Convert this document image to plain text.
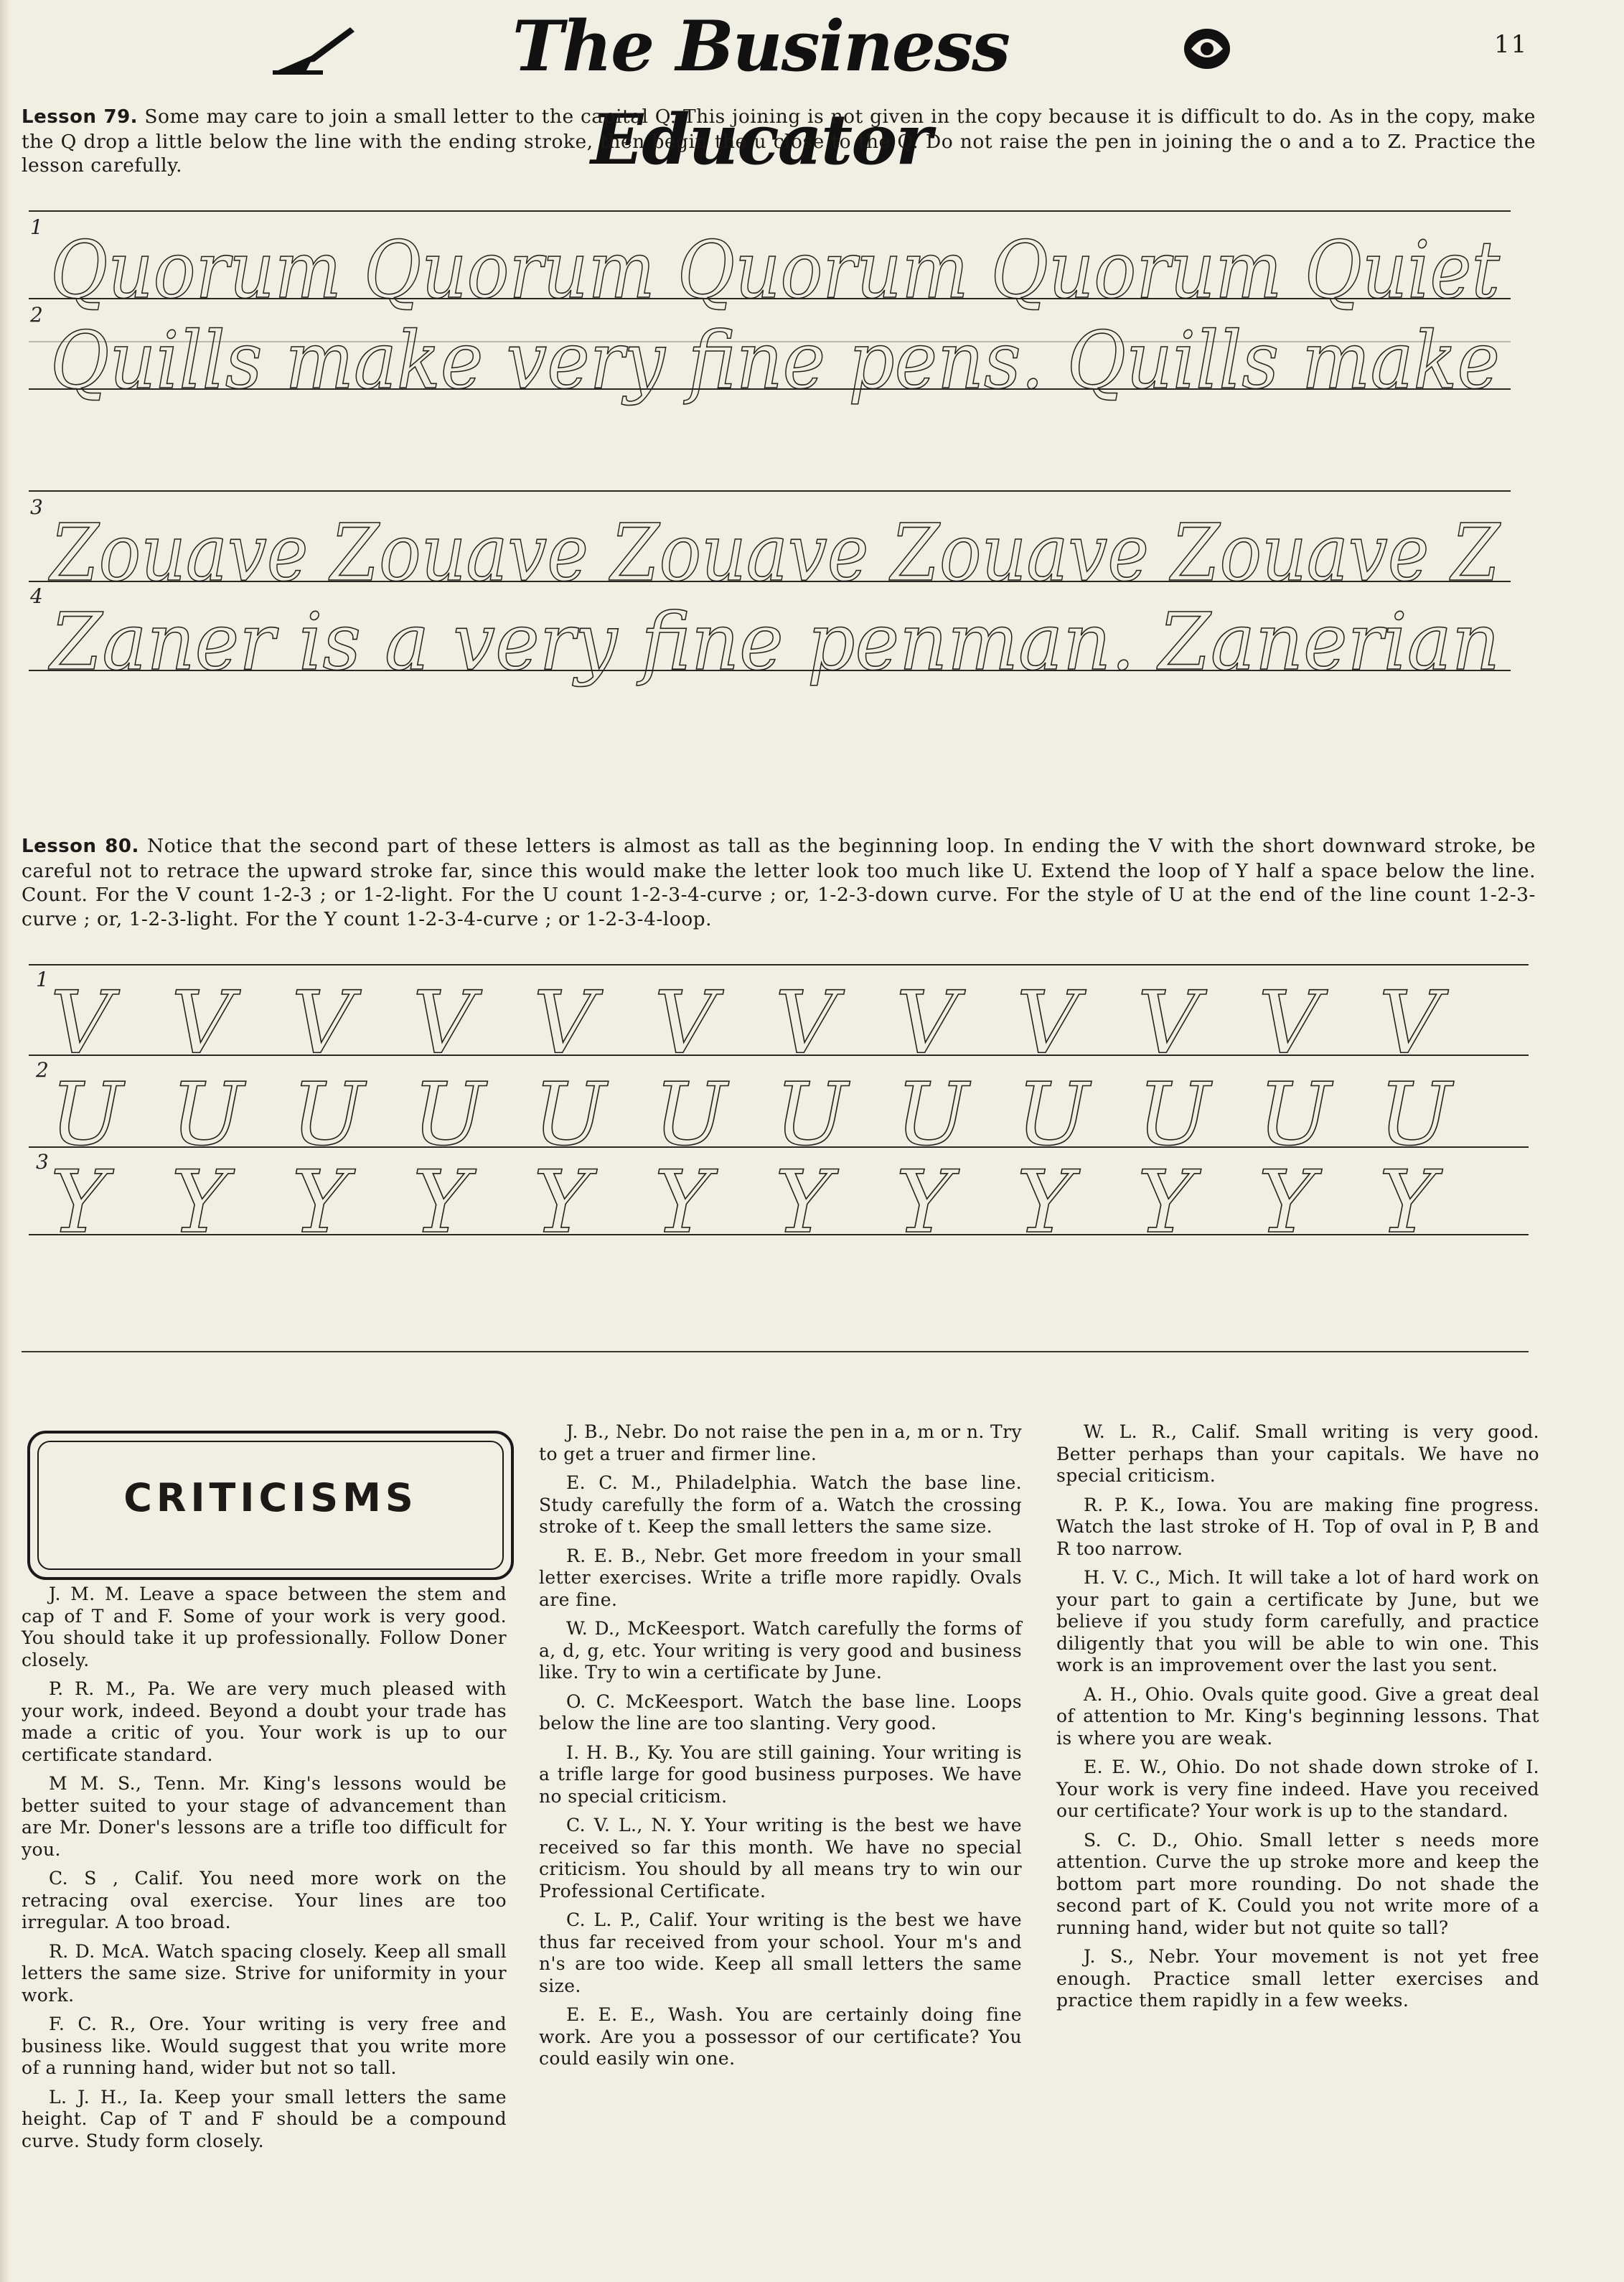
The Business Educator
11
Lesson 79. Some may care to join a small letter to the capital Q. This joining is not given in the copy because it is difficult to do. As in the copy, make the Q drop a little below the line with the ending stroke, then begin the u close to the Q. Do not raise the pen in joining the o and a to Z. Practice the lesson carefully.
1 Quorum Quorum Quorum Quorum Quiet
2 Quills make very fine pens. Quills make
3 Zouave Zouave Zouave Zouave Zouave Z
4 Zaner is a very fine penman. Zanerian
Lesson 80. Notice that the second part of these letters is almost as tall as the beginning loop. In ending the V with the short downward stroke, be careful not to retrace the upward stroke far, since this would make the letter look too much like U. Extend the loop of Y half a space below the line. Count. For the V count 1-2-3 ; or 1-2-light. For the U count 1-2-3-4-curve ; or, 1-2-3-down curve. For the style of U at the end of the line count 1-2-3-curve ; or, 1-2-3-light. For the Y count 1-2-3-4-curve ; or 1-2-3-4-loop.
1
2
3
V V V V V V V V V V V V
U U U U U U U U U U U U
Y Y Y Y Y Y Y Y Y Y Y Y
CRITICISMS

J. M. M. Leave a space between the stem and cap of T and F. Some of your work is very good. You should take it up professionally. Follow Doner closely.

P. R. M., Pa. We are very much pleased with your work, indeed. Beyond a doubt your trade has made a critic of you. Your work is up to our certificate standard.

M M. S., Tenn. Mr. King's lessons would be better suited to your stage of advancement than are Mr. Doner's lessons are a trifle too difficult for you.

C. S , Calif. You need more work on the retracing oval exercise. Your lines are too irregular. A too broad.

R. D. McA. Watch spacing closely. Keep all small letters the same size. Strive for uniformity in your work.

F. C. R., Ore. Your writing is very free and business like. Would suggest that you write more of a running hand, wider but not so tall.

L. J. H., Ia. Keep your small letters the same height. Cap of T and F should be a compound curve. Study form closely.

J. B., Nebr. Do not raise the pen in a, m or n. Try to get a truer and firmer line.

E. C. M., Philadelphia. Watch the base line. Study carefully the form of a. Watch the crossing stroke of t. Keep the small letters the same size.

R. E. B., Nebr. Get more freedom in your small letter exercises. Write a trifle more rapidly. Ovals are fine.

W. D., McKeesport. Watch carefully the forms of a, d, g, etc. Your writing is very good and business like. Try to win a certificate by June.

O. C. McKeesport. Watch the base line. Loops below the line are too slanting. Very good.

I. H. B., Ky. You are still gaining. Your writing is a trifle large for good business purposes. We have no special criticism.

C. V. L., N. Y. Your writing is the best we have received so far this month. We have no special criticism. You should by all means try to win our Professional Certificate.

C. L. P., Calif. Your writing is the best we have thus far received from your school. Your m's and n's are too wide. Keep all small letters the same size.

E. E. E., Wash. You are certainly doing fine work. Are you a possessor of our certificate? You could easily win one.

W. L. R., Calif. Small writing is very good. Better perhaps than your capitals. We have no special criticism.

R. P. K., Iowa. You are making fine progress. Watch the last stroke of H. Top of oval in P, B and R too narrow.

H. V. C., Mich. It will take a lot of hard work on your part to gain a certificate by June, but we believe if you study form carefully, and practice diligently that you will be able to win one. This work is an improvement over the last you sent.

A. H., Ohio. Ovals quite good. Give a great deal of attention to Mr. King's beginning lessons. That is where you are weak.

E. E. W., Ohio. Do not shade down stroke of I. Your work is very fine indeed. Have you received our certificate? Your work is up to the standard.

S. C. D., Ohio. Small letter s needs more attention. Curve the up stroke more and keep the bottom part more rounding. Do not shade the second part of K. Could you not write more of a running hand, wider but not quite so tall?

J. S., Nebr. Your movement is not yet free enough. Practice small letter exercises and practice them rapidly in a few weeks.
